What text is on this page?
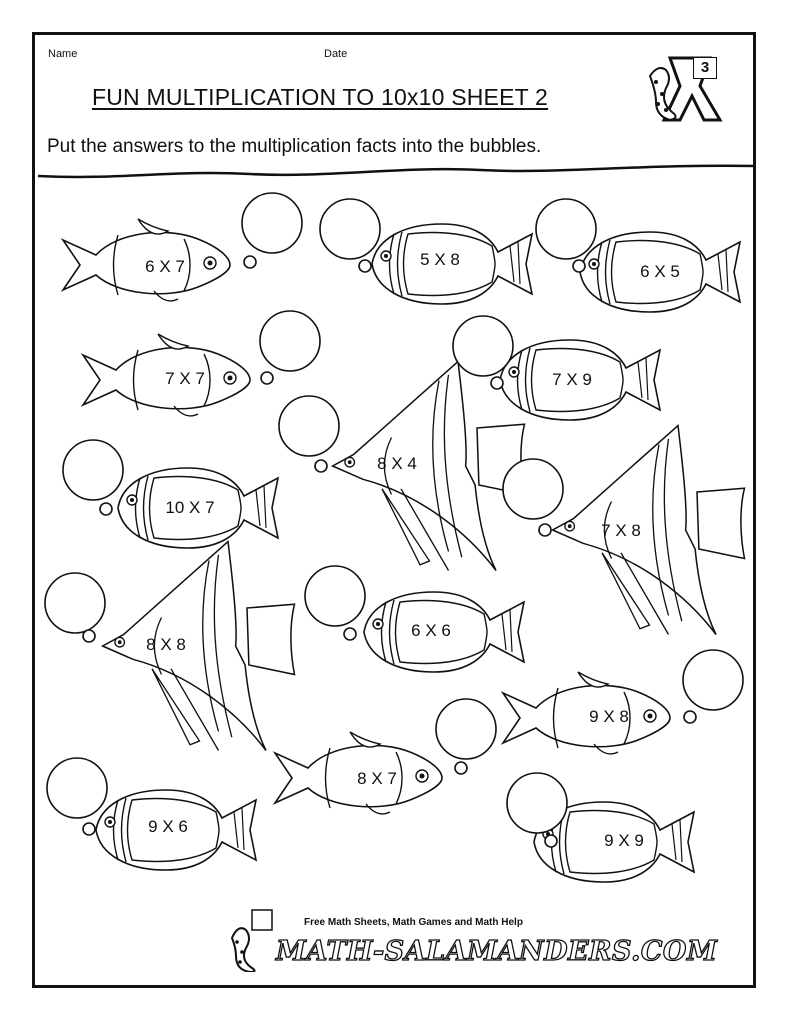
Name	Date
FUN MULTIPLICATION TO 10x10 SHEET 2
Put the answers to the multiplication facts into the bubbles.
3
6 X 7	5 X 8
6 X 5
7 X 7	7 X 9
8 X 4
10 X 7
7 X 8
8 X 8
6 X 6
9 X 8
8 X 7
9 X 6
9 X 9
Free Math Sheets, Math Games and Math Help
MATH-SALAMANDERS.COM
